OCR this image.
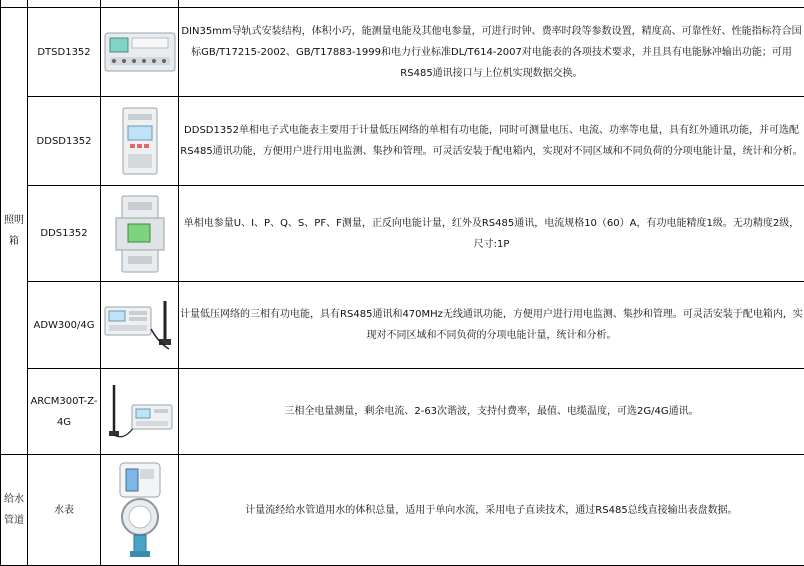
照明箱	DTSD1352		DIN35mm导轨式安装结构，体积小巧，能测量电能及其他电参量，可进行时钟、费率时段等参数设置，精度高、可靠性好、性能指标符合国标GB/T17215-2002、GB/T17883-1999和电力行业标准DL/T614-2007对电能表的各项技术要求，并且具有电能脉冲输出功能；可用RS485通讯接口与上位机实现数据交换。
	DDSD1352		DDSD1352单相电子式电能表主要用于计量低压网络的单相有功电能，同时可测量电压、电流、功率等电量，具有红外通讯功能，并可选配RS485通讯功能，方便用户进行用电监测、集抄和管理。可灵活安装于配电箱内，实现对不同区域和不同负荷的分项电能计量，统计和分析。
	DDS1352		单相电参量U、I、P、Q、S、PF、F测量，正反向电能计量，红外及RS485通讯，电流规格10（60）A，有功电能精度1级。无功精度2级，尺寸:1P
	ADW300/4G		计量低压网络的三相有功电能，具有RS485通讯和470MHz无线通讯功能，方便用户进行用电监测、集抄和管理。可灵活安装于配电箱内，实现对不同区域和不同负荷的分项电能计量，统计和分析。
	ARCM300T-Z-4G		三相全电量测量，剩余电流、2-63次谐波，支持付费率，最值、电缆温度，可选2G/4G通讯。
给水管道	水表		计量流经给水管道用水的体积总量，适用于单向水流，采用电子直读技术，通过RS485总线直接输出表盘数据。
